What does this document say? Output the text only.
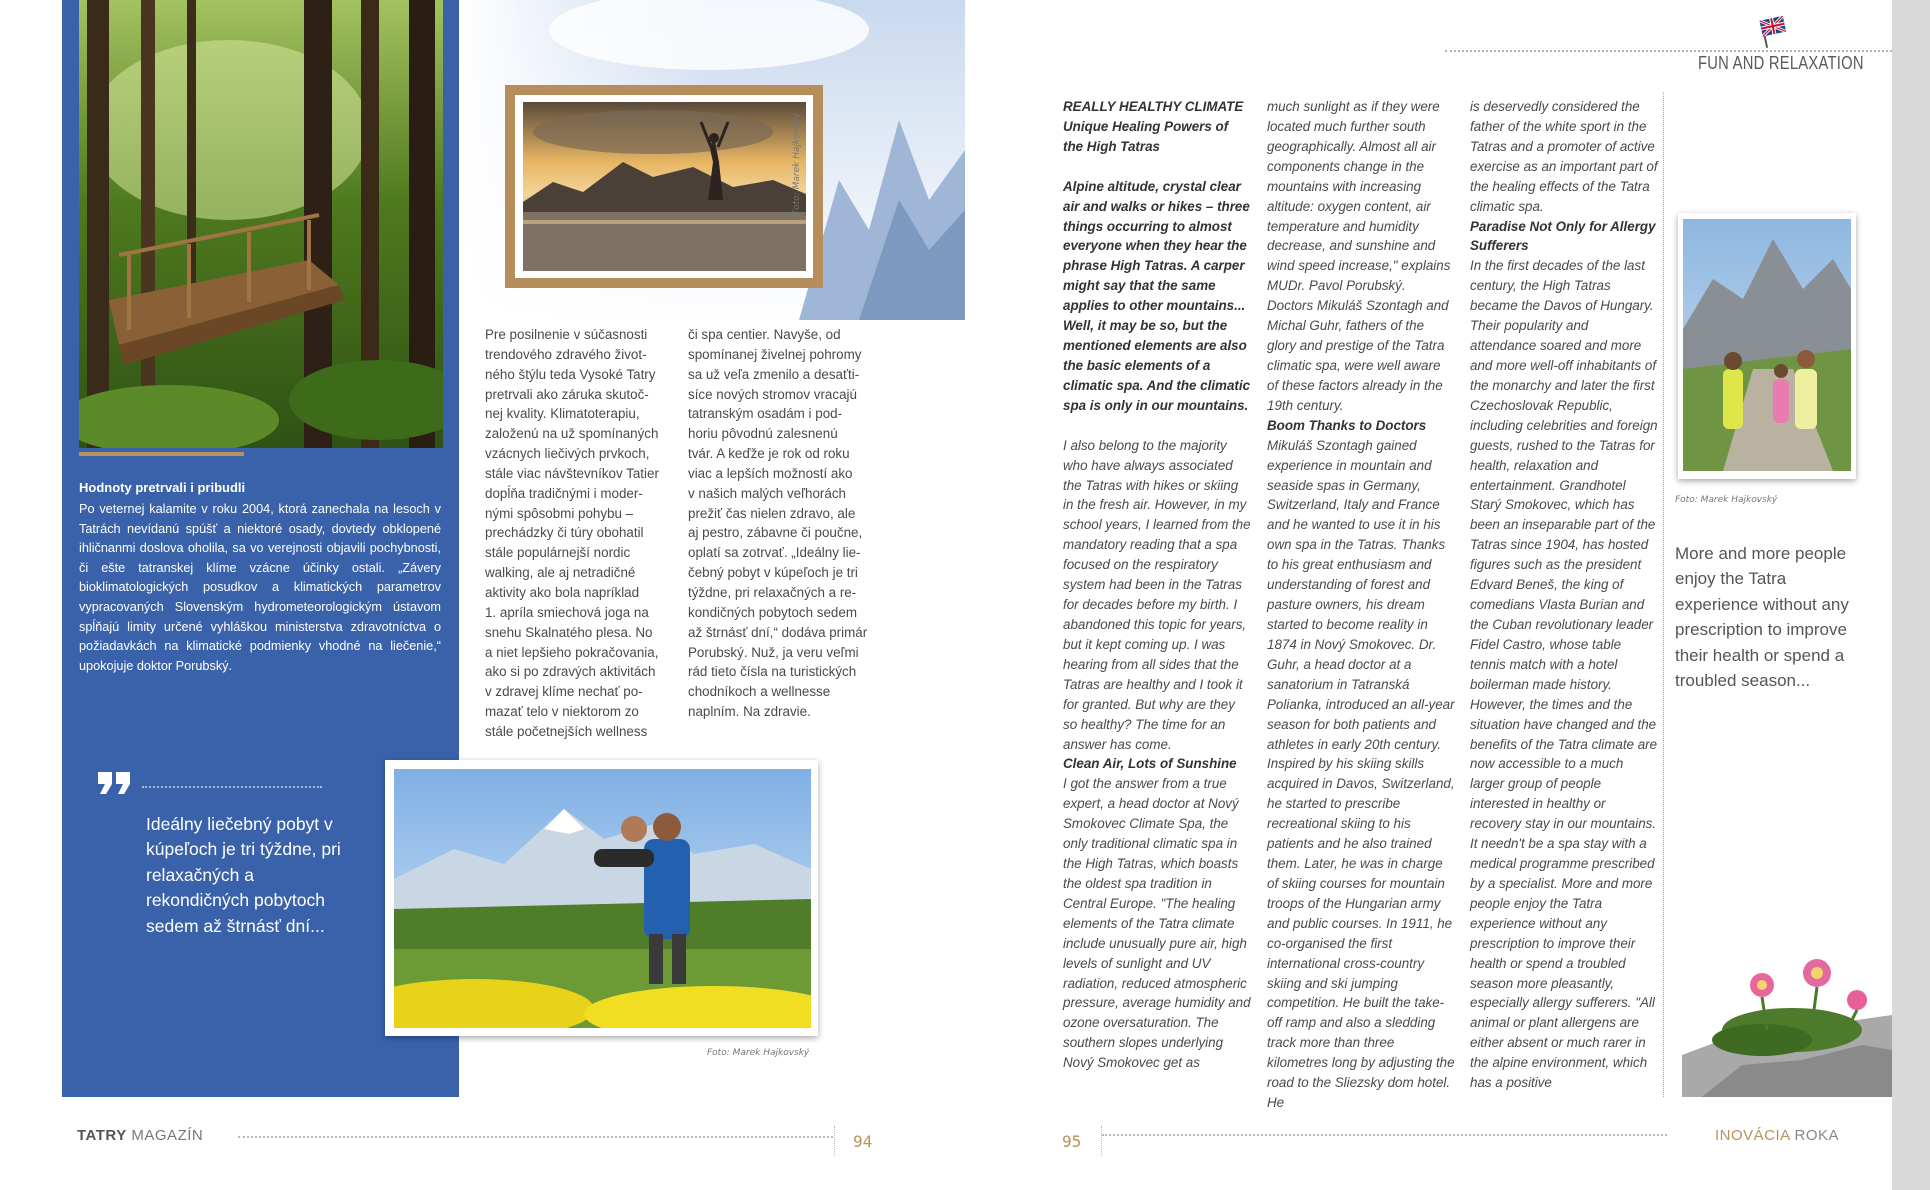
Hodnoty pretrvali i pribudli
Po veternej kalamite v roku 2004, ktorá zanechala na lesoch v Tatrách nevídanú spúšť a niektoré osady, dovtedy obklopené ihličnanmi doslova oholila, sa vo verejnosti objavili pochybnosti, či ešte tatranskej klíme vzácne účinky ostali. „Závery bioklimatologických posudkov a klimatických parametrov vypracovaných Slovenským hydrometeorologickým ústavom spĺňajú limity určené vyhláškou ministerstva zdravotníctva o požiadavkách na klimatické podmienky vhodné na liečenie,“ upokojuje doktor Porubský.
Ideálny liečebný pobyt v kúpeľoch je tri týždne, pri relaxačných a rekondičných pobytoch sedem až štrnásť dní...
Foto: Marek Hajkovský

Pre posilnenie v súčasnosti
trendového zdravého život-
ného štýlu teda Vysoké Tatry
pretrvali ako záruka skutoč-
nej kvality. Klimatoterapiu,
založenú na už spomínaných
vzácnych liečivých prvkoch,
stále viac návštevníkov Tatier
dopĺňa tradičnými i moder-
nými spôsobmi pohybu –
prechádzky či túry obohatil
stále populárnejší nordic
walking, ale aj netradičné
aktivity ako bola napríklad
1. apríla smiechová joga na
snehu Skalnatého plesa. No
a niet lepšieho pokračovania,
ako si po zdravých aktivitách
v zdravej klíme nechať po-
mazať telo v niektorom zo
stále početnejších wellness

či spa centier. Navyše, od
spomínanej živelnej pohromy
sa už veľa zmenilo a desaťti-
síce nových stromov vracajú
tatranským osadám i pod-
horiu pôvodnú zalesnenú
tvár. A keďže je rok od roku
viac a lepších možností ako
v našich malých veľhorách
prežiť čas nielen zdravo, ale
aj pestro, zábavne či poučne,
oplatí sa zotrvať. „Ideálny lie-
čebný pobyt v kúpeľoch je tri
týždne, pri relaxačných a re-
kondičných pobytoch sedem
až štrnásť dní,“ dodáva primár
Porubský. Nuž, ja veru veľmi
rád tieto čísla na turistických
chodníkoch a wellnesse
naplním. Na zdravie.

Foto: Marek Hajkovský
TATRY MAGAZÍN	94
FUN AND RELAXATION

REALLY HEALTHY CLIMATE

Unique Healing Powers of the High Tatras

Alpine altitude, crystal clear air and walks or hikes – three things occurring to almost everyone when they hear the phrase High Tatras. A carper might say that the same applies to other mountains... Well, it may be so, but the mentioned elements are also the basic elements of a climatic spa. And the climatic spa is only in our mountains.

I also belong to the majority who have always associated the Tatras with hikes or skiing in the fresh air. However, in my school years, I learned from the mandatory reading that a spa focused on the respiratory system had been in the Tatras for decades before my birth. I abandoned this topic for years, but it kept coming up. I was hearing from all sides that the Tatras are healthy and I took it for granted. But why are they so healthy? The time for an answer has come.

Clean Air, Lots of Sunshine

I got the answer from a true expert, a head doctor at Nový Smokovec Climate Spa, the only traditional climatic spa in the High Tatras, which boasts the oldest spa tradition in Central Europe. "The healing elements of the Tatra climate include unusually pure air, high levels of sunlight and UV radiation, reduced atmospheric pressure, average humidity and ozone oversaturation. The southern slopes underlying Nový Smokovec get as

much sunlight as if they were located much further south geographically. Almost all air components change in the mountains with increasing altitude: oxygen content, air temperature and humidity decrease, and sunshine and wind speed increase," explains MUDr. Pavol Porubský. Doctors Mikuláš Szontagh and Michal Guhr, fathers of the glory and prestige of the Tatra climatic spa, were well aware of these factors already in the 19th century.

Boom Thanks to Doctors

Mikuláš Szontagh gained experience in mountain and seaside spas in Germany, Switzerland, Italy and France and he wanted to use it in his own spa in the Tatras. Thanks to his great enthusiasm and understanding of forest and pasture owners, his dream started to become reality in 1874 in Nový Smokovec. Dr. Guhr, a head doctor at a sanatorium in Tatranská Polianka, introduced an all-year season for both patients and athletes in early 20th century. Inspired by his skiing skills acquired in Davos, Switzerland, he started to prescribe recreational skiing to his patients and he also trained them. Later, he was in charge of skiing courses for mountain troops of the Hungarian army and public courses. In 1911, he co-organised the first international cross-country skiing and ski jumping competition. He built the take-off ramp and also a sledding track more than three kilometres long by adjusting the road to the Sliezsky dom hotel. He

is deservedly considered the father of the white sport in the Tatras and a promoter of active exercise as an important part of the healing effects of the Tatra climatic spa.

Paradise Not Only for Allergy Sufferers

In the first decades of the last century, the High Tatras became the Davos of Hungary. Their popularity and attendance soared and more and more well-off inhabitants of the monarchy and later the first Czechoslovak Republic, including celebrities and foreign guests, rushed to the Tatras for health, relaxation and entertainment. Grandhotel Starý Smokovec, which has been an inseparable part of the Tatras since 1904, has hosted figures such as the president Edvard Beneš, the king of comedians Vlasta Burian and the Cuban revolutionary leader Fidel Castro, whose table tennis match with a hotel boilerman made history. However, the times and the situation have changed and the benefits of the Tatra climate are now accessible to a much larger group of people interested in healthy or recovery stay in our mountains. It needn't be a spa stay with a medical programme prescribed by a specialist. More and more people enjoy the Tatra experience without any prescription to improve their health or spend a troubled season more pleasantly, especially allergy sufferers. "All animal or plant allergens are either absent or much rarer in the alpine environment, which has a positive

Foto: Marek Hajkovský
More and more people enjoy the Tatra experience without any prescription to improve their health or spend a troubled season...
95	INOVÁCIA ROKA
